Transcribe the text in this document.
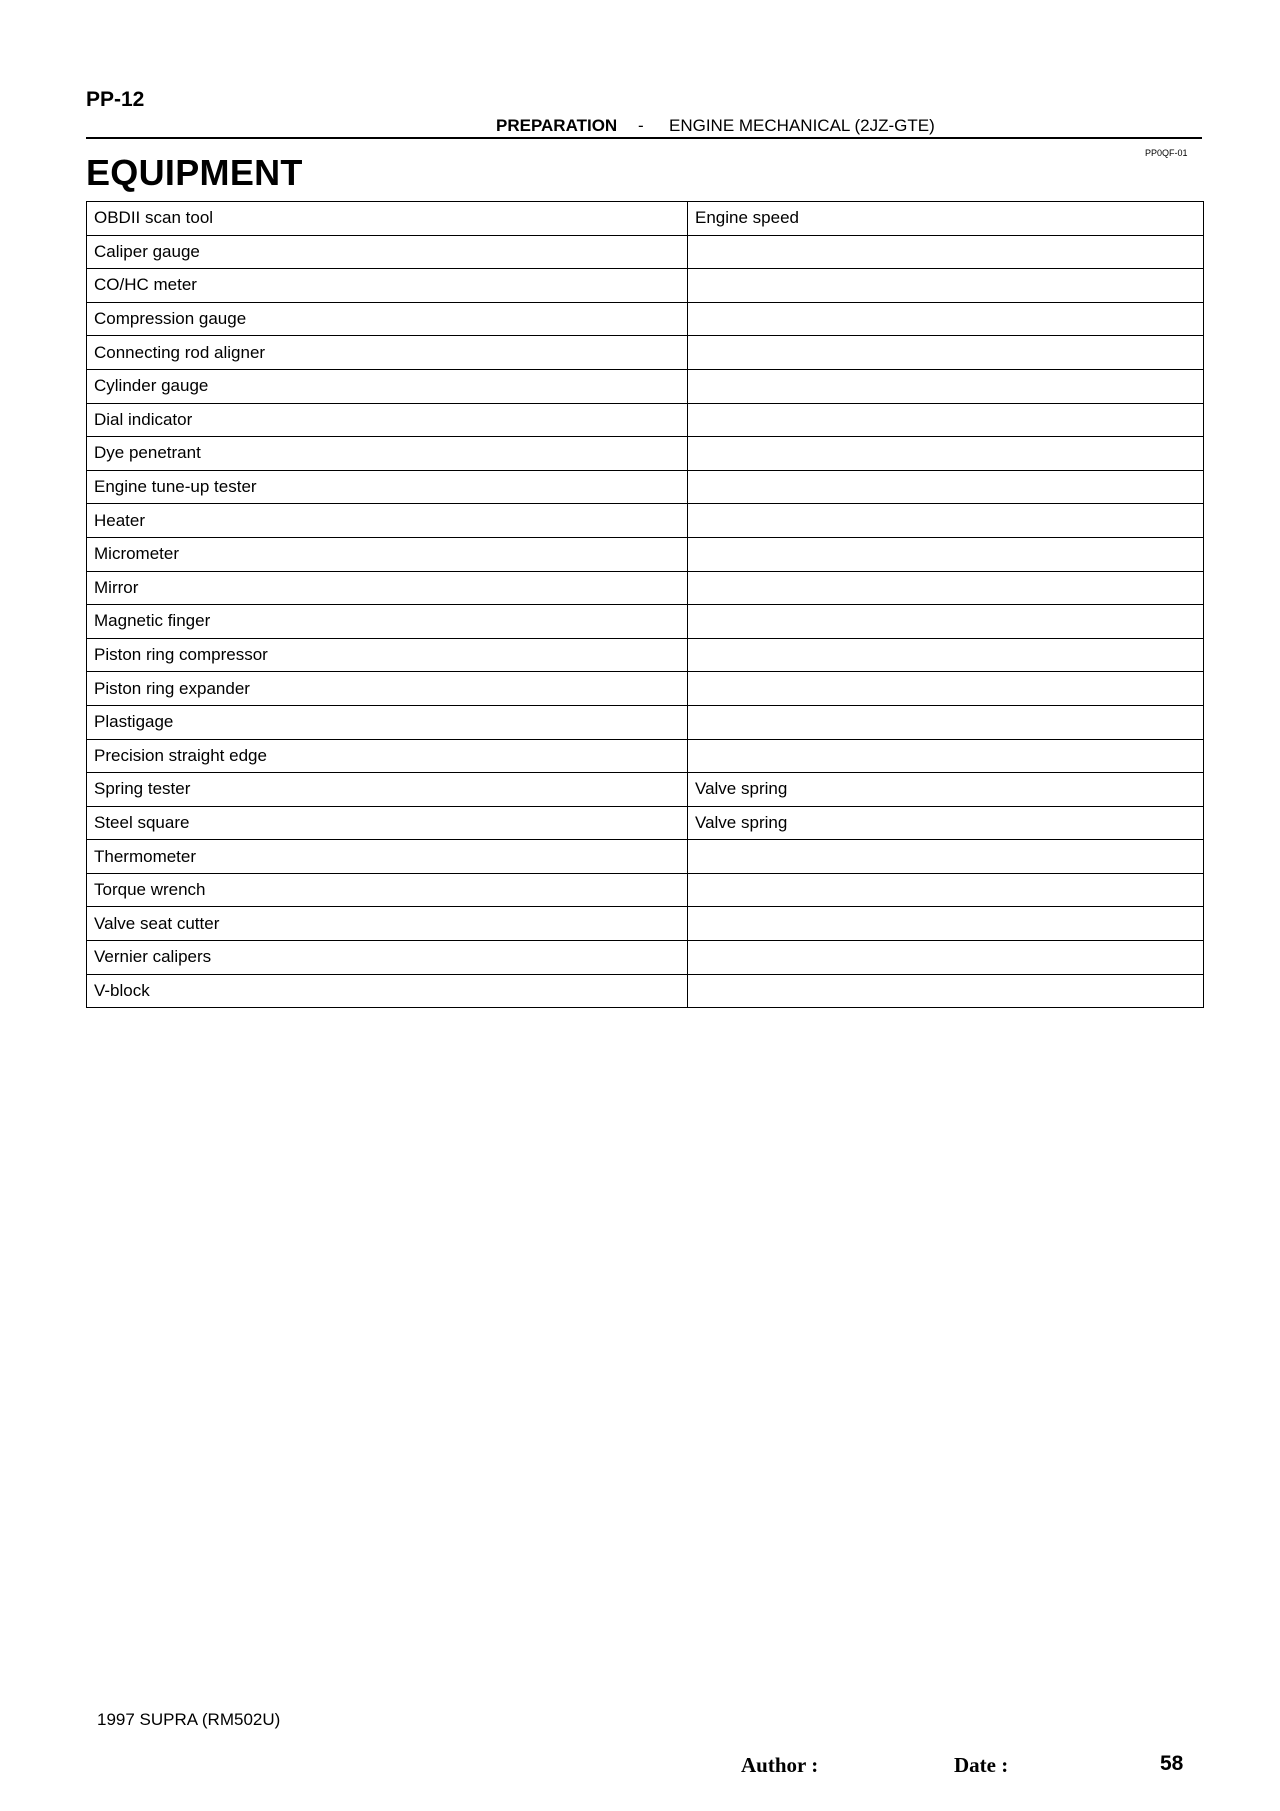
PP-12
PREPARATION - ENGINE MECHANICAL (2JZ-GTE)
PP0QF-01
EQUIPMENT
OBDII scan tool	Engine speed
Caliper gauge	
CO/HC meter	
Compression gauge	
Connecting rod aligner	
Cylinder gauge	
Dial indicator	
Dye penetrant	
Engine tune-up tester	
Heater	
Micrometer	
Mirror	
Magnetic finger	
Piston ring compressor	
Piston ring expander	
Plastigage	
Precision straight edge	
Spring tester	Valve spring
Steel square	Valve spring
Thermometer	
Torque wrench	
Valve seat cutter	
Vernier calipers	
V-block	
1997 SUPRA (RM502U)
Author :	Date :	58
